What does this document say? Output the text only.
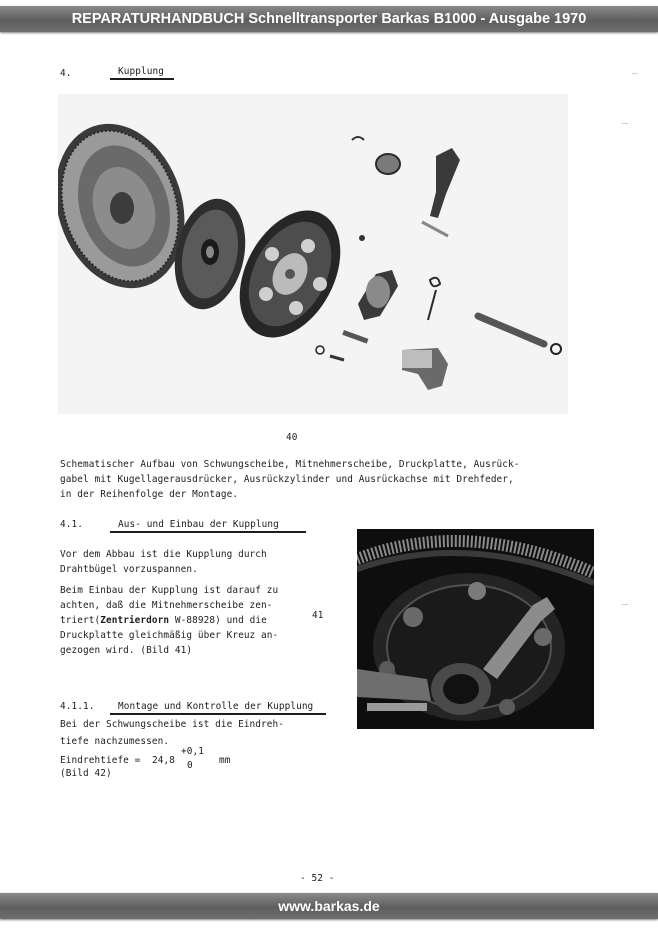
REPARATURHANDBUCH Schnelltransporter Barkas B1000 - Ausgabe 1970
4.	Kupplung
40
Schematischer Aufbau von Schwungscheibe, Mitnehmerscheibe, Druckplatte, Ausrück-
gabel mit Kugellagerausdrücker, Ausrückzylinder und Ausrückachse mit Drehfeder,
in der Reihenfolge der Montage.
4.1.	Aus- und Einbau der Kupplung
Vor dem Abbau ist die Kupplung durch
Drahtbügel vorzuspannen.
Beim Einbau der Kupplung ist darauf zu
achten, daß die Mitnehmerscheibe zen-
triert(Zentrierdorn W-88928) und die
Druckplatte gleichmäßig über Kreuz an-
gezogen wird. (Bild 41)
41
4.1.1.	Montage und Kontrolle der Kupplung
Bei der Schwungscheibe ist die Eindreh-
tiefe nachzumessen.
Eindrehtiefe = 24,8
+0,1
0	mm
(Bild 42)
- 52 -
www.barkas.de
